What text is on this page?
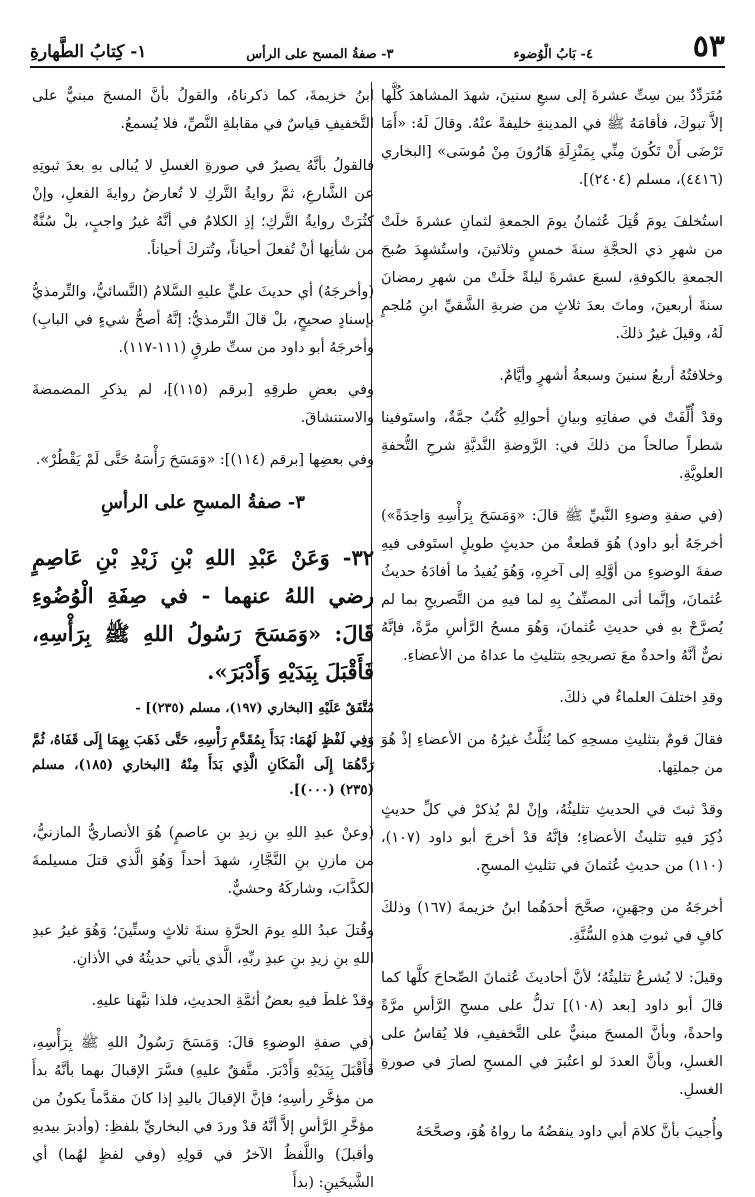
٥٣
٤- بَابُ الْوُضوء
٣- صفةُ المسح على الرأس
١- كِتابُ الطَّهارةِ

مُتَرَدِّدٌ بين سِتِّ عشرةَ إلى سبعِ سنينَ، شهدَ المشاهدَ كُلَّها إلاَّ تبوكَ، فأقامَهُ ﷺ في المدينةِ خليفةً عنْهُ. وقالَ لَهُ: «أَمَا تَرْضَى أَنْ تَكُونَ مِنِّي بِمَنْزِلَةِ هَارُونَ مِنْ مُوسَى» [البخاري (٤٤١٦)، مسلم (٢٤٠٤)].

استُخلفَ يومَ قُتِلَ عُثمانُ يومَ الجمعةِ لثمانِ عشرةَ خلَتْ من شهرِ ذي الحجَّةِ سنةَ خمسٍ وثلاثينَ، واستُشهِدَ صُبحَ الجمعةِ بالكوفةِ، لسبعَ عشرةَ ليلةً خلَتْ من شهرِ رمضانَ سنةَ أربعينَ، وماتَ بعدَ ثلاثٍ من ضربةِ الشَّقيِّ ابنِ مُلجمٍ لَهُ، وقيلَ غيرُ ذلكَ.

وخلافتُهُ أربعُ سنينَ وسبعةُ أشهرٍ وأيَّامٌ.

وقدْ أُلِّفَتْ في صفاتِهِ وبيانِ أحوالِهِ كُتُبٌ جمَّةٌ، واستَوفينا شطراً صالحاً من ذلكَ في: الرَّوضةِ النَّديَّةِ شرحِ التُّحفةِ العلويَّةِ.

(في صفةِ وضوءِ النَّبيِّ ﷺ قالَ: «وَمَسَحَ بِرَأْسِهِ وَاحِدَةً») أخرجَهُ أبو داود) هُوَ قطعةٌ من حديثٍ طويلٍ استَوفى فيهِ صفةَ الوضوءِ من أوَّلِهِ إلى آخرِهِ، وَهُوَ يُفيدُ ما أفادَهُ حديثُ عُثمانَ، وإنَّما أتى المصنِّفُ بِهِ لما فيهِ من التَّصريحِ بما لم يُصرَّحْ بهِ في حديثِ عُثمانَ، وَهُوَ مسحُ الرَّأسِ مرَّةً، فإنَّهُ نصٌّ أنَّهُ واحدةٌ معَ تصريحِهِ بتثليثِ ما عداهُ من الأعضاءِ.

وقدِ اختلفَ العلماءُ في ذلكَ.

فقالَ قومٌ بتثليثِ مسحِهِ كما يُثلَّثُ غيرُهُ من الأعضاءِ إذْ هُوَ من جملتِها.

وقدْ ثبتَ في الحديثِ تثليثُهُ، وإنْ لمْ يُذكرْ في كلِّ حديثٍ ذُكِرَ فيهِ تثليثُ الأعضاءِ؛ فإنَّهُ قدْ أخرجَ أبو داود (١٠٧)، (١١٠) من حديثِ عُثمانَ في تثليثِ المسحِ.

أخرجَهُ من وجهَينِ، صحَّحَ أحدَهُما ابنُ خزيمةَ (١٦٧) وذلكَ كافٍ في ثبوتِ هذهِ السُّنَّةِ.

وقيلَ: لا يُشرعُ تثليثُهُ؛ لأنَّ أحاديثَ عُثمانَ الصِّحاحَ كلَّها كما قالَ أبو داود [بعد (١٠٨)] تدلُّ على مسحِ الرَّأسِ مرَّةً واحدةً، وبأنَّ المسحَ مبنيٌّ على التَّخفيفِ، فلا يُقاسُ على الغسلِ، وبأنَّ العددَ لو اعتُبرَ في المسحِ لصارَ في صورةِ الغسلِ.

وأُجيبَ بأنَّ كلامَ أبي داود ينقضُهُ ما رواهُ هُوَ، وصحَّحَهُ

ابنُ خزيمةَ، كما ذكرناهُ، والقولُ بأنَّ المسحَ مبنيٌّ على التَّخفيفِ قياسٌ في مقابلةِ النَّصِّ، فلا يُسمعُ.

فالقولُ بأنَّهُ يصيرُ في صورةِ الغسلِ لا يُبالى بهِ بعدَ ثبوتِهِ عن الشَّارعِ، ثمَّ روايةُ التَّركِ لا تُعارضُ روايةَ الفعلِ، وإنْ كثُرَتْ روايةُ التَّركِ؛ إذِ الكلامُ في أنَّهُ غيرُ واجبٍ، بلْ سُنَّةٌ من شأنِها أنْ تُفعلَ أحياناً، وتُتركَ أحياناً.

(وأخرجَهُ) أي حديثَ عليٍّ عليهِ السَّلامُ (النَّسائيُّ، والتِّرمذيُّ بإسنادٍ صحيحٍ، بلْ قالَ التِّرمذيُّ: إنَّهُ أصحُّ شيءٍ في البابِ) وأخرجَهُ أبو داود من ستِّ طرقٍ (١١١-١١٧).

وفي بعضِ طرقِهِ [برقم (١١٥)]، لم يذكرِ المضمضةَ والاستنشاقَ.

وفي بعضِها [برقم (١١٤)]: «وَمَسَحَ رَأْسَهُ حَتَّى لَمْ يَقْطُرْ».

٣- صفةُ المسحِ على الرأسِ

٣٢- وَعَنْ عَبْدِ اللهِ بْنِ زَيْدِ بْنِ عَاصِمٍ رضي اللهُ عنهما - في صِفَةِ الْوُضُوءِ قَالَ: «وَمَسَحَ رَسُولُ اللهِ ﷺ بِرَأْسِهِ، فَأَقْبَلَ بِيَدَيْهِ وَأَدْبَرَ».

مُتَّفَقٌ عَلَيْهِ [البخاري (١٩٧)، مسلم (٢٣٥)] -

وَفِي لَفْظٍ لَهُمَا: بَدَأَ بِمُقَدَّمِ رَأْسِهِ، حَتَّى ذَهَبَ بِهِمَا إِلَى قَفَاهُ، ثُمَّ رَدَّهُمَا إِلَى الْمَكَانِ الَّذِي بَدَأَ مِنْهُ [البخاري (١٨٥)، مسلم (٢٣٥) (٠٠٠)].

(وعنْ عبدِ اللهِ بنِ زيدِ بنِ عاصمٍ) هُوَ الأنصاريُّ المازنيُّ، من مازنِ بنِ النَّجَّارِ، شهدَ أحداً وَهُوَ الَّذي قتلَ مسيلمةَ الكذَّابَ، وشاركَهُ وحشيٌّ.

وقُتلَ عبدُ اللهِ يومَ الحرَّةِ سنةَ ثلاثٍ وستِّينَ؛ وَهُوَ غيرُ عبدِ اللهِ بنِ زيدِ بنِ عبدِ ربِّهِ، الَّذي يأتي حديثُهُ في الأذانِ.

وقدْ غلطَ فيهِ بعضُ أئمَّةِ الحديثِ، فلذا نبَّهنا عليهِ.

(في صفةِ الوضوءِ قالَ: وَمَسَحَ رَسُولُ اللهِ ﷺ بِرَأْسِهِ، فَأَقْبَلَ بِيَدَيْهِ وَأَدْبَرَ. متَّفقٌ عليهِ) فسَّرَ الإقبالَ بهما بأنَّهُ بدأَ من مؤخَّرِ رأسِهِ؛ فإنَّ الإقبالَ باليدِ إذا كانَ مقدَّماً يكونُ من مؤخَّرِ الرَّأسِ إلاَّ أنَّهُ قدْ وردَ في البخاريِّ بلفظِ: (وأدبرَ بيديهِ وأقبلَ) واللَّفظُ الآخرُ في قولِهِ (وفي لفظٍ لهُما) أي الشَّيخَينِ: (بدأَ
